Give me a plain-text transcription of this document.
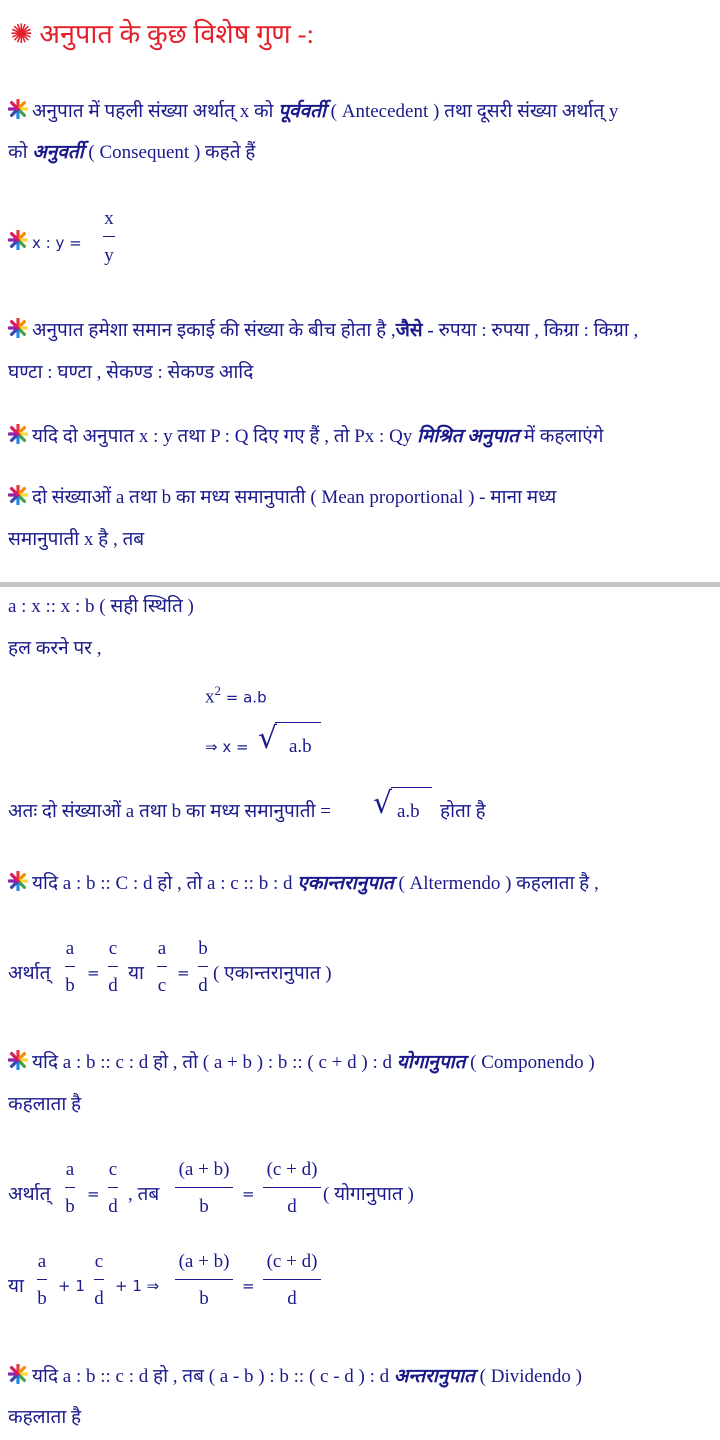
✺ अनुपात के कुछ विशेष गुण -:
अनुपात में पहली संख्या अर्थात् x को पूर्ववर्ती ( Antecedent ) तथा दूसरी संख्या अर्थात् y
को अनुवर्ती ( Consequent ) कहते हैं
x : y =
x
y
अनुपात हमेशा समान इकाई की संख्या के बीच होता है ,जैसे - रुपया : रुपया , किग्रा : किग्रा ,
घण्टा : घण्टा , सेकण्ड : सेकण्ड आदि
यदि दो अनुपात x : y तथा P : Q दिए गए हैं , तो Px : Qy मिश्रित अनुपात में कहलाएंगे
दो संख्याओं a तथा b का मध्य समानुपाती ( Mean proportional ) - माना मध्य
समानुपाती x है , तब
a : x :: x : b ( सही स्थिति )
हल करने पर ,
$x^2 = a.b$
⇒ x = √ a.b
अतः दो संख्याओं a तथा b का मध्य समानुपाती = √ a.b होता है
यदि a : b :: C : d हो , तो a : c :: b : d एकान्तरानुपात ( Altermendo ) कहलाता है ,
अर्थात्
a
b
=
c
d
या
a
c
=
b
d
( एकान्तरानुपात )
यदि a : b :: c : d हो , तो ( a + b ) : b :: ( c + d ) : d योगानुपात ( Componendo )
कहलाता है
अर्थात्
a
b
=
c
d
, तब
(a + b)
b
=
(c + d)
d
( योगानुपात )
या
a
b
+ 1
c
d
+ 1 ⇒
(a + b)
b
=
(c + d)
d
यदि a : b :: c : d हो , तब ( a - b ) : b :: ( c - d ) : d अन्तरानुपात ( Dividendo )
कहलाता है
